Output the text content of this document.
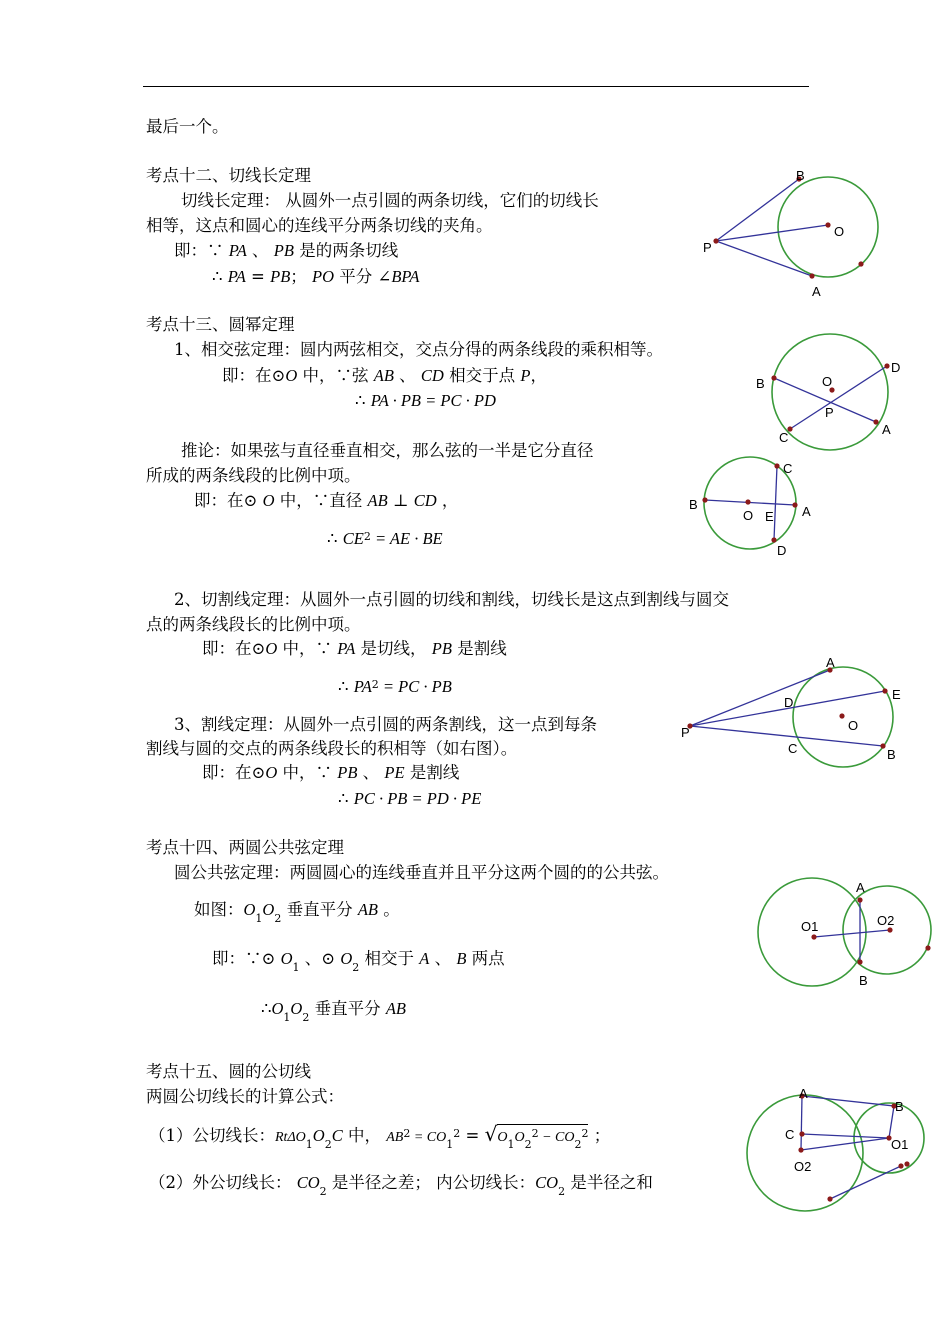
最后一个。
考点十二、切线长定理
切线长定理： 从圆外一点引圆的两条切线，它们的切线长
相等，这点和圆心的连线平分两条切线的夹角。
即：∵ PA 、 PB 是的两条切线
∴ PA = PB； PO 平分 ∠BPA
B
O
P
A
考点十三、圆幂定理
1、相交弦定理：圆内两弦相交，交点分得的两条线段的乘积相等。
即：在⊙O 中，∵弦 AB 、 CD 相交于点 P，
∴ PA · PB = PC · PD
D
B	O
P
C
A
推论：如果弦与直径垂直相交，那么弦的一半是它分直径
所成的两条线段的比例中项。
即：在⊙ O 中，∵直径 AB ⊥ CD ，
∴ $CE^2$ = AE · BE
C
B
O E A
D
2、切割线定理：从圆外一点引圆的切线和割线，切线长是这点到割线与圆交
点的两条线段长的比例中项。
即：在⊙O 中，∵ PA 是切线， PB 是割线
∴ $PA^2$ = PC · PB
A
E
D
O
P
C	B
3、割线定理：从圆外一点引圆的两条割线，这一点到每条
割线与圆的交点的两条线段长的积相等（如右图）。
即：在⊙O 中，∵ PB 、 PE 是割线
∴ PC · PB = PD · PE
考点十四、两圆公共弦定理
圆公共弦定理：两圆圆心的连线垂直并且平分这两个圆的的公共弦。
如图：$O_1O_2$ 垂直平分 AB 。
即：∵⊙ $O_1$ 、⊙ $O_2$ 相交于 A 、 B 两点
$\therefore O_1O_2$ 垂直平分 AB
A
O1	O2
B
考点十五、圆的公切线
两圆公切线长的计算公式：
（1）公切线长：$Rt\Delta O_1O_2C$ 中， $AB^2 = CO_1^2 = √O_1O_2^2 - CO_2^2$ ；
（2）外公切线长： $CO_2$ 是半径之差； 内公切线长：$CO_2$ 是半径之和
A
B
C
O1
O2
